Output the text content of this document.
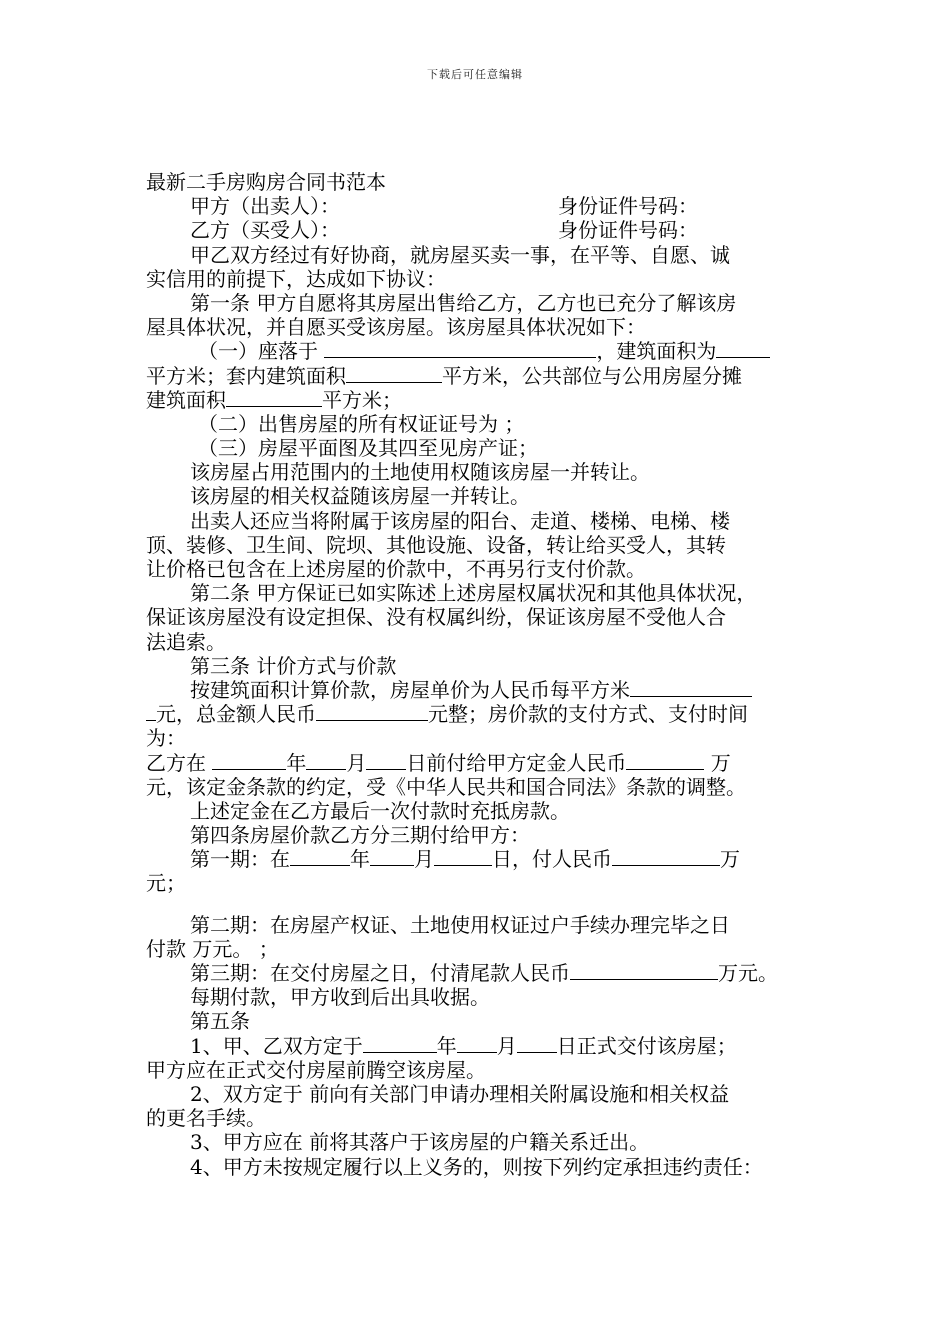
下载后可任意编辑
最新二手房购房合同书范本
甲方（出卖人）：	身份证件号码：
乙方（买受人）：	身份证件号码：
甲乙双方经过有好协商，就房屋买卖一事，在平等、自愿、诚
实信用的前提下，达成如下协议：
第一条 甲方自愿将其房屋出售给乙方，乙方也已充分了解该房
屋具体状况，并自愿买受该房屋。该房屋具体状况如下：
（一）座落于	，建筑面积为
平方米；套内建筑面积	平方米，公共部位与公用房屋分摊
建筑面积	平方米；
（二）出售房屋的所有权证证号为 ；
（三）房屋平面图及其四至见房产证；
该房屋占用范围内的土地使用权随该房屋一并转让。
该房屋的相关权益随该房屋一并转让。
出卖人还应当将附属于该房屋的阳台、走道、楼梯、电梯、楼
顶、装修、卫生间、院坝、其他设施、设备，转让给买受人，其转
让价格已包含在上述房屋的价款中，不再另行支付价款。
第二条 甲方保证已如实陈述上述房屋权属状况和其他具体状况，
保证该房屋没有设定担保、没有权属纠纷，保证该房屋不受他人合
法追索。
第三条 计价方式与价款
按建筑面积计算价款，房屋单价为人民币每平方米
元，总金额人民币	元整；房价款的支付方式、支付时间
为：
乙方在	年 月 日前付给甲方定金人民币	万
元，该定金条款的约定，受《中华人民共和国合同法》条款的调整。
上述定金在乙方最后一次付款时充抵房款。
第四条房屋价款乙方分三期付给甲方：
第一期：在	年 月	日，付人民币	万
元；
第二期：在房屋产权证、土地使用权证过户手续办理完毕之日
付款 万元。 ；
第三期：在交付房屋之日，付清尾款人民币	万元。
每期付款，甲方收到后出具收据。
第五条
1、甲、乙双方定于	年 月 日正式交付该房屋；
甲方应在正式交付房屋前腾空该房屋。
2、双方定于 前向有关部门申请办理相关附属设施和相关权益
的更名手续。
3、甲方应在 前将其落户于该房屋的户籍关系迁出。
4、甲方未按规定履行以上义务的，则按下列约定承担违约责任：
